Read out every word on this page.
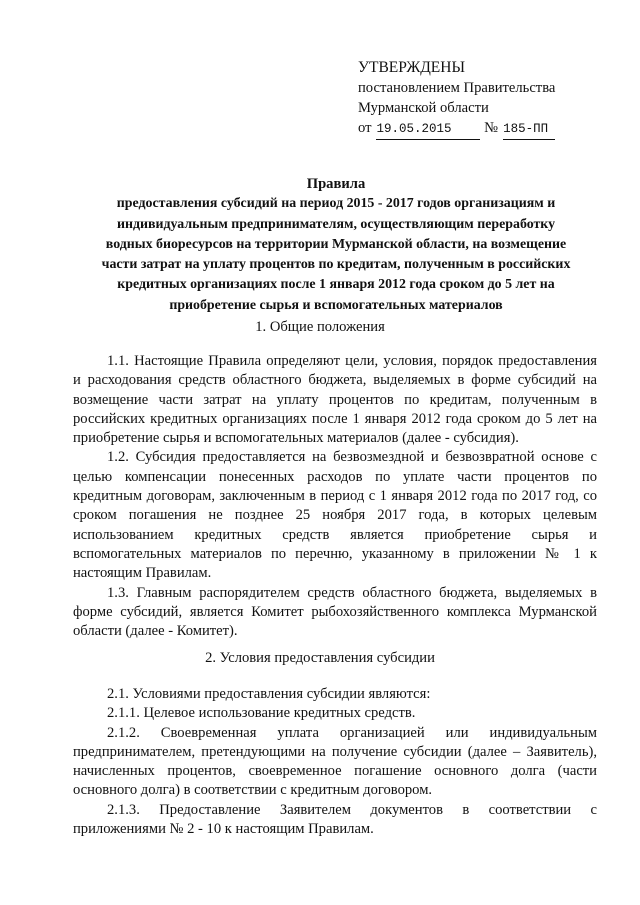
УТВЕРЖДЕНЫ
постановлением Правительства
Мурманской области
от 19.05.2015 № 185-ПП
Правила
предоставления субсидий на период 2015 - 2017 годов организациям и
индивидуальным предпринимателям, осуществляющим переработку
водных биоресурсов на территории Мурманской области, на возмещение
части затрат на уплату процентов по кредитам, полученным в российских
кредитных организациях после 1 января 2012 года сроком до 5 лет на
приобретение сырья и вспомогательных материалов
1. Общие положения

1.1. Настоящие Правила определяют цели, условия, порядок предоставления и расходования средств областного бюджета, выделяемых в форме субсидий на возмещение части затрат на уплату процентов по кредитам, полученным в российских кредитных организациях после 1 января 2012 года сроком до 5 лет на приобретение сырья и вспомогательных материалов (далее - субсидия).

1.2. Субсидия предоставляется на безвозмездной и безвозвратной основе с целью компенсации понесенных расходов по уплате части процентов по кредитным договорам, заключенным в период с 1 января 2012 года по 2017 год, со сроком погашения не позднее 25 ноября 2017 года, в которых целевым использованием кредитных средств является приобретение сырья и вспомогательных материалов по перечню, указанному в приложении № 1 к настоящим Правилам.

1.3. Главным распорядителем средств областного бюджета, выделяемых в форме субсидий, является Комитет рыбохозяйственного комплекса Мурманской области (далее - Комитет).

2. Условия предоставления субсидии

2.1. Условиями предоставления субсидии являются:

2.1.1. Целевое использование кредитных средств.

2.1.2. Своевременная уплата организацией или индивидуальным предпринимателем, претендующими на получение субсидии (далее – Заявитель), начисленных процентов, своевременное погашение основного долга (части основного долга) в соответствии с кредитным договором.

2.1.3. Предоставление Заявителем документов в соответствии с приложениями № 2 - 10 к настоящим Правилам.
